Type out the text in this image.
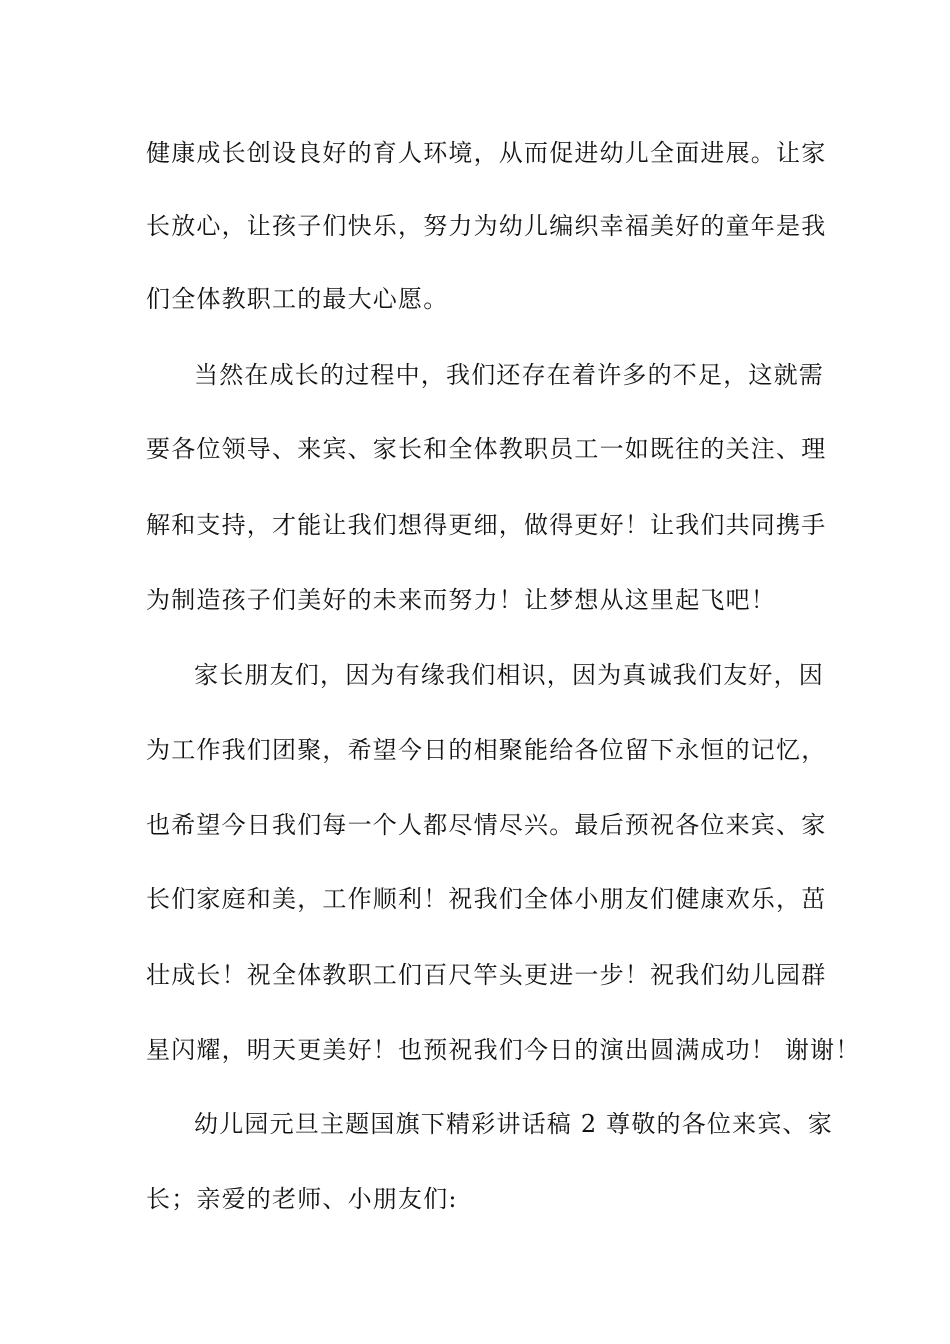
健康成长创设良好的育人环境，从而促进幼儿全面进展。让家
长放心，让孩子们快乐，努力为幼儿编织幸福美好的童年是我
们全体教职工的最大心愿。
当然在成长的过程中，我们还存在着许多的不足，这就需
要各位领导、来宾、家长和全体教职员工一如既往的关注、理
解和支持，才能让我们想得更细，做得更好！让我们共同携手
为制造孩子们美好的未来而努力！让梦想从这里起飞吧！
家长朋友们，因为有缘我们相识，因为真诚我们友好，因
为工作我们团聚，希望今日的相聚能给各位留下永恒的记忆，
也希望今日我们每一个人都尽情尽兴。最后预祝各位来宾、家
长们家庭和美，工作顺利！祝我们全体小朋友们健康欢乐，茁
壮成长！祝全体教职工们百尺竿头更进一步！祝我们幼儿园群
星闪耀，明天更美好！也预祝我们今日的演出圆满成功！ 谢谢！
幼儿园元旦主题国旗下精彩讲话稿 2 尊敬的各位来宾、家
长；亲爱的老师、小朋友们:
